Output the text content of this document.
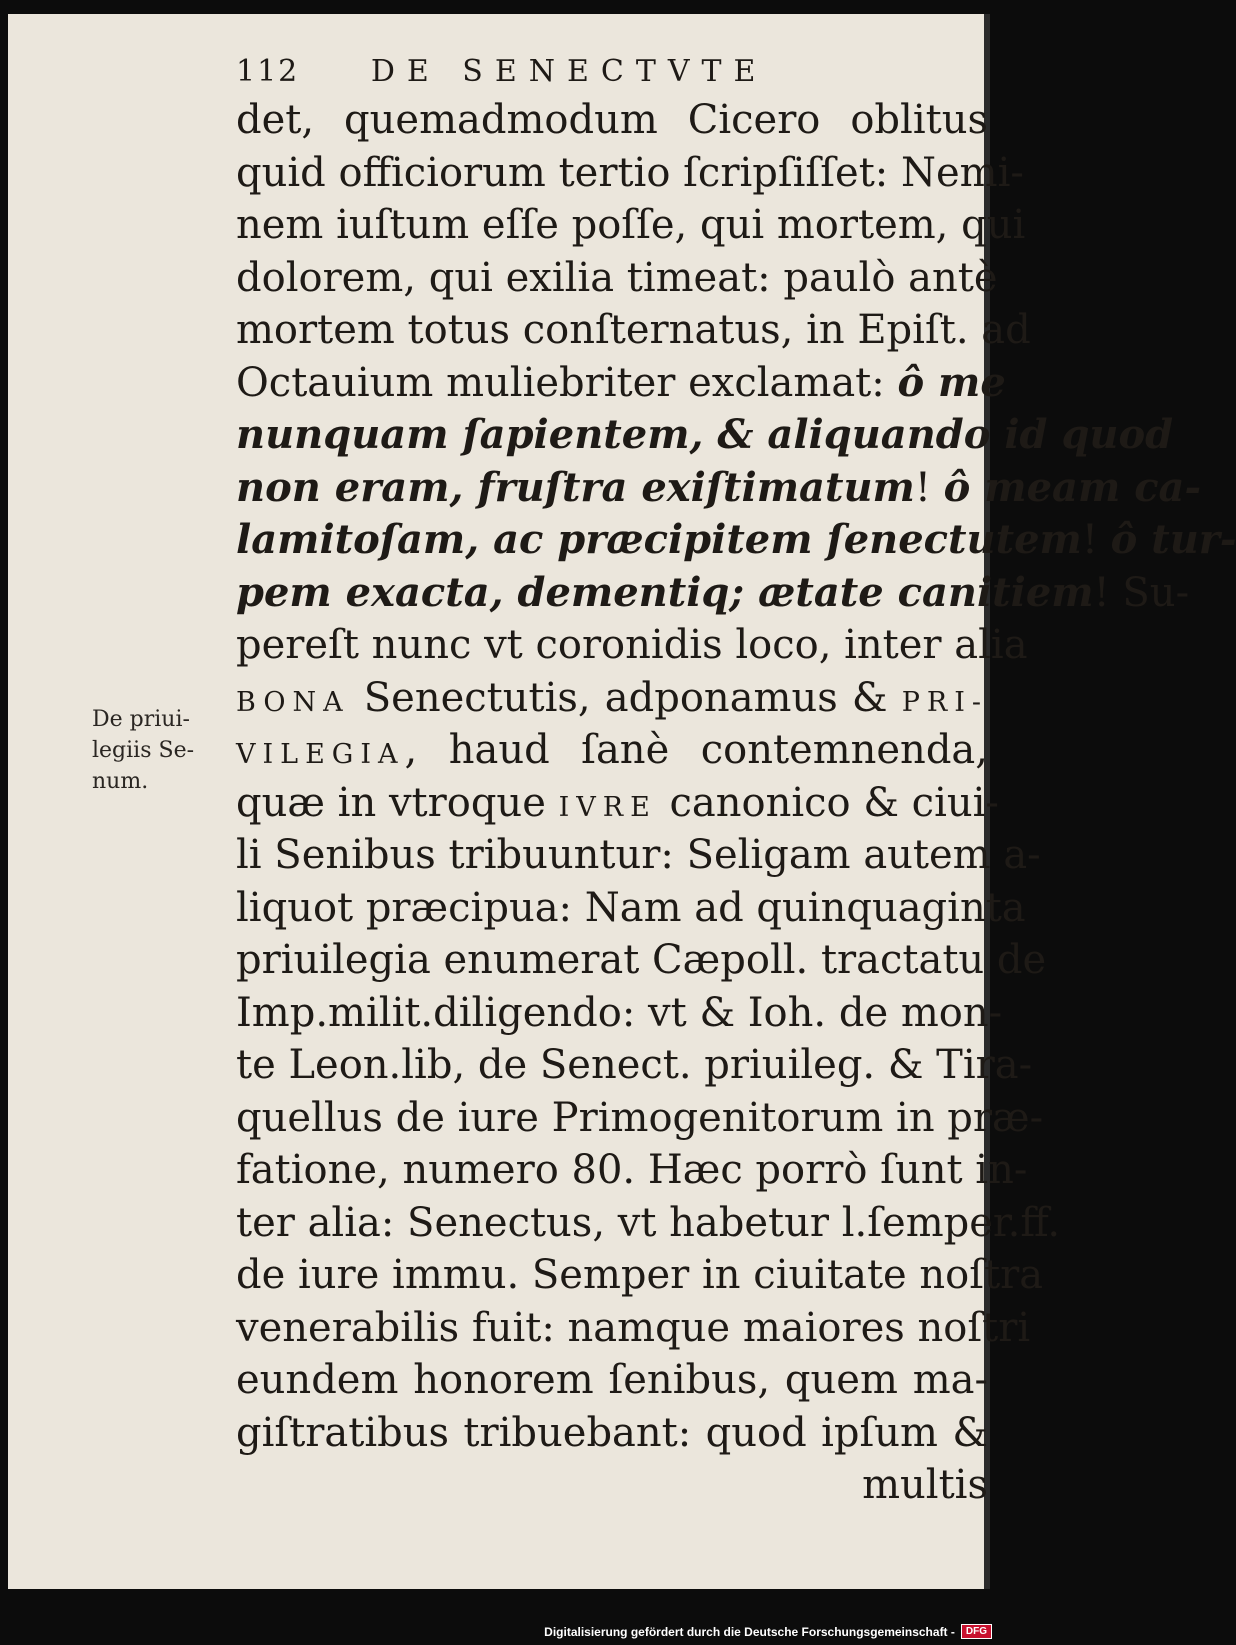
112 DE SENECTVTE
De priui-
legiis Se-
num.
det, quemadmodum Cicero oblitus
quid officiorum tertio ſcripſiſſet: Nemi-
nem iuſtum eſſe poſſe, qui mortem, qui
dolorem, qui exilia timeat: paulò antè
mortem totus conſternatus, in Epiſt. ad
Octauium muliebriter exclamat: ô me
nunquam ſapientem, & aliquando id quod
non eram, fruſtra exiſtimatum! ô meam ca-
lamitoſam, ac præcipitem ſenectutem! ô tur-
pem exacta, dementiq; ætate canitiem! Su-
pereſt nunc vt coronidis loco, inter alia
BONA Senectutis, adponamus & PRI-
VILEGIA, haud ſanè contemnenda,
quæ in vtroque IVRE canonico & ciui-
li Senibus tribuuntur: Seligam autem a-
liquot præcipua: Nam ad quinquaginta
priuilegia enumerat Cæpoll. tractatu de
Imp.milit.diligendo: vt & Ioh. de mon-
te Leon.lib, de Senect. priuileg. & Tira-
quellus de iure Primogenitorum in præ-
fatione, numero 80. Hæc porrò ſunt in-
ter alia: Senectus, vt habetur l.ſemper.ff.
de iure immu. Semper in ciuitate noſtra
venerabilis fuit: namque maiores noſtri
eundem honorem ſenibus, quem ma-
giſtratibus tribuebant: quod ipſum &
multis
Digitalisierung gefördert durch die Deutsche Forschungsgemeinschaft -	DFG
